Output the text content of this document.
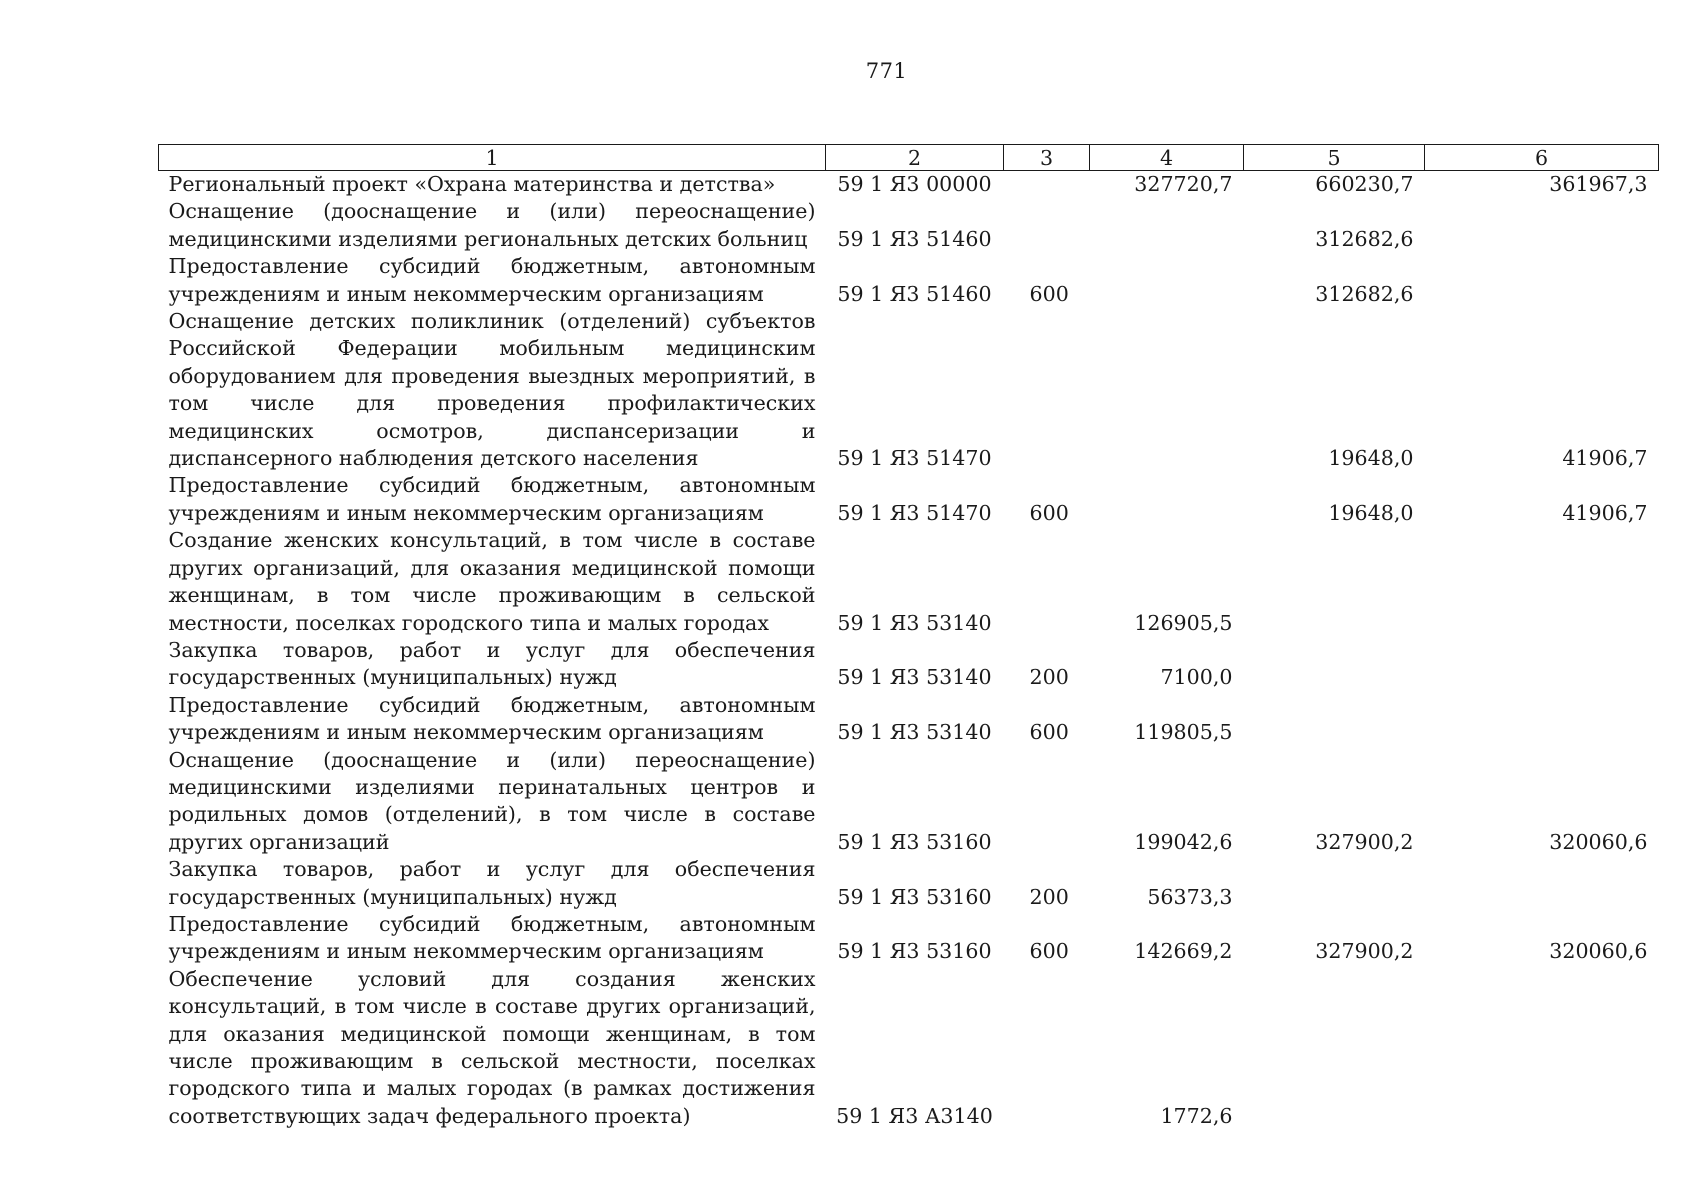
771
1	2	3	4	5	6
Региональный проект «Охрана материнства и детства»	59 1 Я3 00000		327720,7	660230,7	361967,3
Оснащение (дооснащение и (или) переоснащение) медицинскими изделиями региональных детских больниц	59 1 Я3 51460			312682,6	
Предоставление субсидий бюджетным, автономным учреждениям и иным некоммерческим организациям	59 1 Я3 51460	600		312682,6	
Оснащение детских поликлиник (отделений) субъектов Российской Федерации мобильным медицинским оборудованием для проведения выездных мероприятий, в том числе для проведения профилактических медицинских осмотров, диспансеризации и диспансерного наблюдения детского населения	59 1 Я3 51470			19648,0	41906,7
Предоставление субсидий бюджетным, автономным учреждениям и иным некоммерческим организациям	59 1 Я3 51470	600		19648,0	41906,7
Создание женских консультаций, в том числе в составе других организаций, для оказания медицинской помощи женщинам, в том числе проживающим в сельской местности, поселках городского типа и малых городах	59 1 Я3 53140		126905,5		
Закупка товаров, работ и услуг для обеспечения государственных (муниципальных) нужд	59 1 Я3 53140	200	7100,0		
Предоставление субсидий бюджетным, автономным учреждениям и иным некоммерческим организациям	59 1 Я3 53140	600	119805,5		
Оснащение (дооснащение и (или) переоснащение) медицинскими изделиями перинатальных центров и родильных домов (отделений), в том числе в составе других организаций	59 1 Я3 53160		199042,6	327900,2	320060,6
Закупка товаров, работ и услуг для обеспечения государственных (муниципальных) нужд	59 1 Я3 53160	200	56373,3		
Предоставление субсидий бюджетным, автономным учреждениям и иным некоммерческим организациям	59 1 Я3 53160	600	142669,2	327900,2	320060,6
Обеспечение условий для создания женских консультаций, в том числе в составе других организаций, для оказания медицинской помощи женщинам, в том числе проживающим в сельской местности, поселках городского типа и малых городах (в рамках достижения соответствующих задач федерального проекта)	59 1 Я3 А3140		1772,6		
